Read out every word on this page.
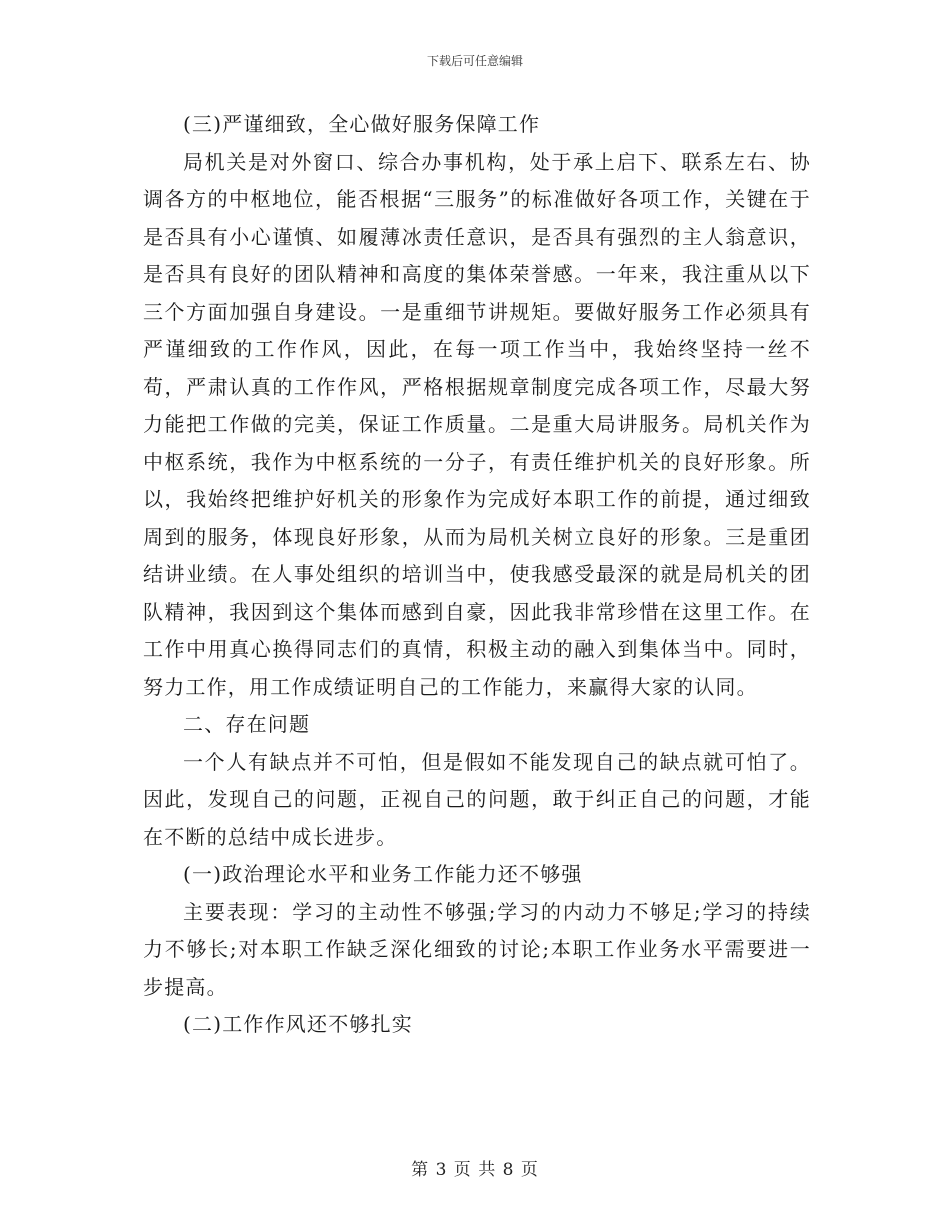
下载后可任意编辑

(三)严谨细致，全心做好服务保障工作

局机关是对外窗口、综合办事机构，处于承上启下、联系左右、协调各方的中枢地位，能否根据“三服务”的标准做好各项工作，关键在于是否具有小心谨慎、如履薄冰责任意识，是否具有强烈的主人翁意识，是否具有良好的团队精神和高度的集体荣誉感。一年来，我注重从以下三个方面加强自身建设。一是重细节讲规矩。要做好服务工作必须具有严谨细致的工作作风，因此，在每一项工作当中，我始终坚持一丝不苟，严肃认真的工作作风，严格根据规章制度完成各项工作，尽最大努力能把工作做的完美，保证工作质量。二是重大局讲服务。局机关作为中枢系统，我作为中枢系统的一分子，有责任维护机关的良好形象。所以，我始终把维护好机关的形象作为完成好本职工作的前提，通过细致周到的服务，体现良好形象，从而为局机关树立良好的形象。三是重团结讲业绩。在人事处组织的培训当中，使我感受最深的就是局机关的团队精神，我因到这个集体而感到自豪，因此我非常珍惜在这里工作。在工作中用真心换得同志们的真情，积极主动的融入到集体当中。同时，努力工作，用工作成绩证明自己的工作能力，来赢得大家的认同。

二、存在问题

一个人有缺点并不可怕，但是假如不能发现自己的缺点就可怕了。因此，发现自己的问题，正视自己的问题，敢于纠正自己的问题，才能在不断的总结中成长进步。

(一)政治理论水平和业务工作能力还不够强

主要表现：学习的主动性不够强;学习的内动力不够足;学习的持续力不够长;对本职工作缺乏深化细致的讨论;本职工作业务水平需要进一步提高。

(二)工作作风还不够扎实

第 3 页 共 8 页
